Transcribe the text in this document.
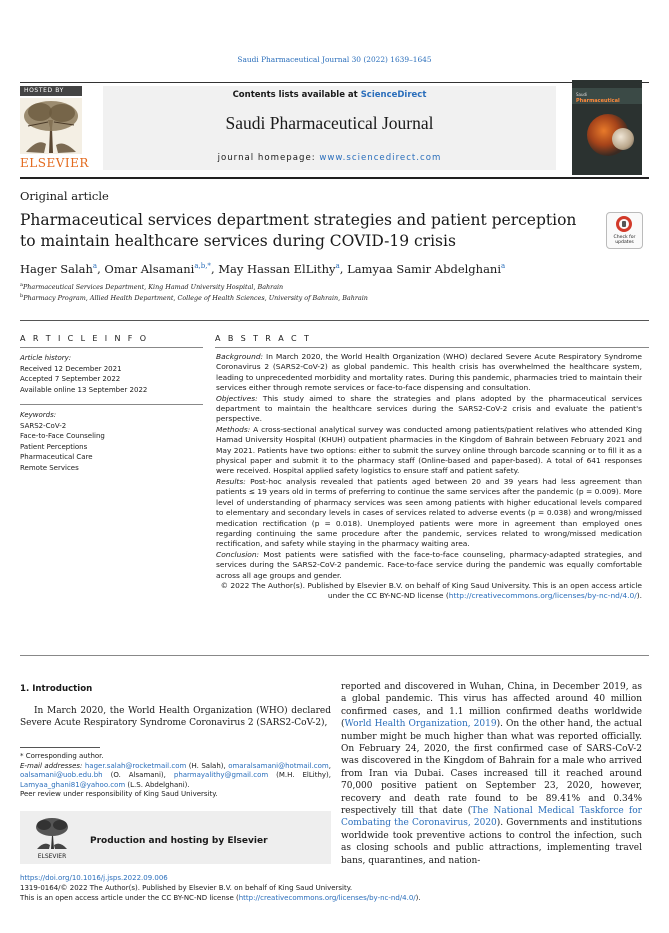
Saudi Pharmaceutical Journal 30 (2022) 1639–1645
HOSTED BY
ELSEVIER
Contents lists available at ScienceDirect
Saudi Pharmaceutical Journal
journal homepage: www.sciencedirect.com
Saudi
Pharmaceutical
Original article
Pharmaceutical services department strategies and patient perception to maintain healthcare services during COVID-19 crisis	Check for
updates
Hager Salah$^a$, Omar Alsamani$^{a,b,*}$, May Hassan ElLithy$^a$, Lamyaa Samir Abdelghani$^a$
$^a$Pharmaceutical Services Department, King Hamad University Hospital, Bahrain
$^b$Pharmacy Program, Allied Health Department, College of Health Sciences, University of Bahrain, Bahrain
A R T I C L E I N F O
Article history:
Received 12 December 2021
Accepted 7 September 2022
Available online 13 September 2022
Keywords:
SARS2-CoV-2
Face-to-Face Counseling
Patient Perceptions
Pharmaceutical Care
Remote Services
A B S T R A C T

Background: In March 2020, the World Health Organization (WHO) declared Severe Acute Respiratory Syndrome Coronavirus 2 (SARS2-CoV-2) as global pandemic. This health crisis has overwhelmed the healthcare system, leading to unprecedented morbidity and mortality rates. During this pandemic, pharmacies tried to maintain their services either through remote services or face-to-face dispensing and consultation.

Objectives: This study aimed to share the strategies and plans adopted by the pharmaceutical services department to maintain the healthcare services during the SARS2-CoV-2 crisis and evaluate the patient's perspective.

Methods: A cross-sectional analytical survey was conducted among patients/patient relatives who attended King Hamad University Hospital (KHUH) outpatient pharmacies in the Kingdom of Bahrain between February 2021 and May 2021. Patients have two options: either to submit the survey online through barcode scanning or to fill it as a physical paper and submit it to the pharmacy staff (Online-based and paper-based). A total of 641 responses were received. Hospital applied safety logistics to ensure staff and patient safety.

Results: Post-hoc analysis revealed that patients aged between 20 and 39 years had less agreement than patients ≤ 19 years old in terms of preferring to continue the same services after the pandemic (p = 0.009). More level of understanding of pharmacy services was seen among patients with higher educational levels compared to elementary and secondary levels in cases of services related to adverse events (p = 0.038) and wrong/missed medication rectification (p = 0.018). Unemployed patients were more in agreement than employed ones regarding continuing the same procedure after the pandemic, services related to wrong/missed medication rectification, and safety while staying in the pharmacy waiting area.

Conclusion: Most patients were satisfied with the face-to-face counseling, pharmacy-adapted strategies, and services during the SARS2-CoV-2 pandemic. Face-to-face service during the pandemic was equally comfortable across all age groups and gender.

© 2022 The Author(s). Published by Elsevier B.V. on behalf of King Saud University. This is an open access article under the CC BY-NC-ND license (http://creativecommons.org/licenses/by-nc-nd/4.0/).

1. Introduction

In March 2020, the World Health Organization (WHO) declared Severe Acute Respiratory Syndrome Coronavirus 2 (SARS2-CoV-2),

reported and discovered in Wuhan, China, in December 2019, as a global pandemic. This virus has affected around 40 million confirmed cases, and 1.1 million confirmed deaths worldwide (World Health Organization, 2019). On the other hand, the actual number might be much higher than what was reported officially. On February 24, 2020, the first confirmed case of SARS-CoV-2 was discovered in the Kingdom of Bahrain for a male who arrived from Iran via Dubai. Cases increased till it reached around 70,000 positive patient on September 23, 2020, however, recovery and death rate found to be 89.41% and 0.34% respectively till that date (The National Medical Taskforce for Combating the Coronavirus, 2020). Governments and institutions worldwide took preventive actions to control the infection, such as closing schools and public attractions, implementing travel bans, quarantines, and nation-

* Corresponding author.

E-mail addresses: hager.salah@rocketmail.com (H. Salah), omaralsamani@hotmail.com, oalsamani@uob.edu.bh (O. Alsamani), pharmayalithy@gmail.com (M.H. ElLithy), Lamyaa_ghani81@yahoo.com (L.S. Abdelghani).

Peer review under responsibility of King Saud University.

ELSEVIER
Production and hosting by Elsevier

https://doi.org/10.1016/j.jsps.2022.09.006

1319-0164/© 2022 The Author(s). Published by Elsevier B.V. on behalf of King Saud University.

This is an open access article under the CC BY-NC-ND license (http://creativecommons.org/licenses/by-nc-nd/4.0/).
